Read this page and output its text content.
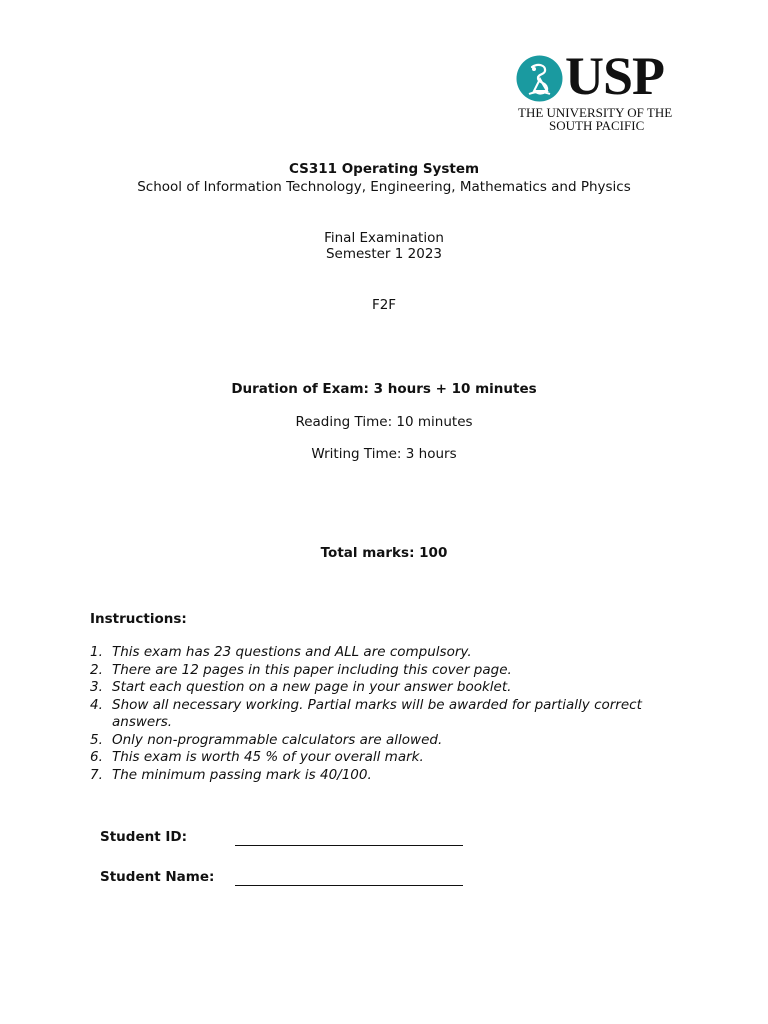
USP
THE UNIVERSITY OF THE
SOUTH PACIFIC
CS311 Operating System
School of Information Technology, Engineering, Mathematics and Physics
Final Examination
Semester 1 2023
F2F
Duration of Exam: 3 hours + 10 minutes
Reading Time: 10 minutes
Writing Time: 3 hours
Total marks: 100
Instructions:
1. This exam has 23 questions and ALL are compulsory.
2. There are 12 pages in this paper including this cover page.
3. Start each question on a new page in your answer booklet.
4. Show all necessary working. Partial marks will be awarded for partially correct answers.
5. Only non-programmable calculators are allowed.
6. This exam is worth 45 % of your overall mark.
7. The minimum passing mark is 40/100.
Student ID:
Student Name:
